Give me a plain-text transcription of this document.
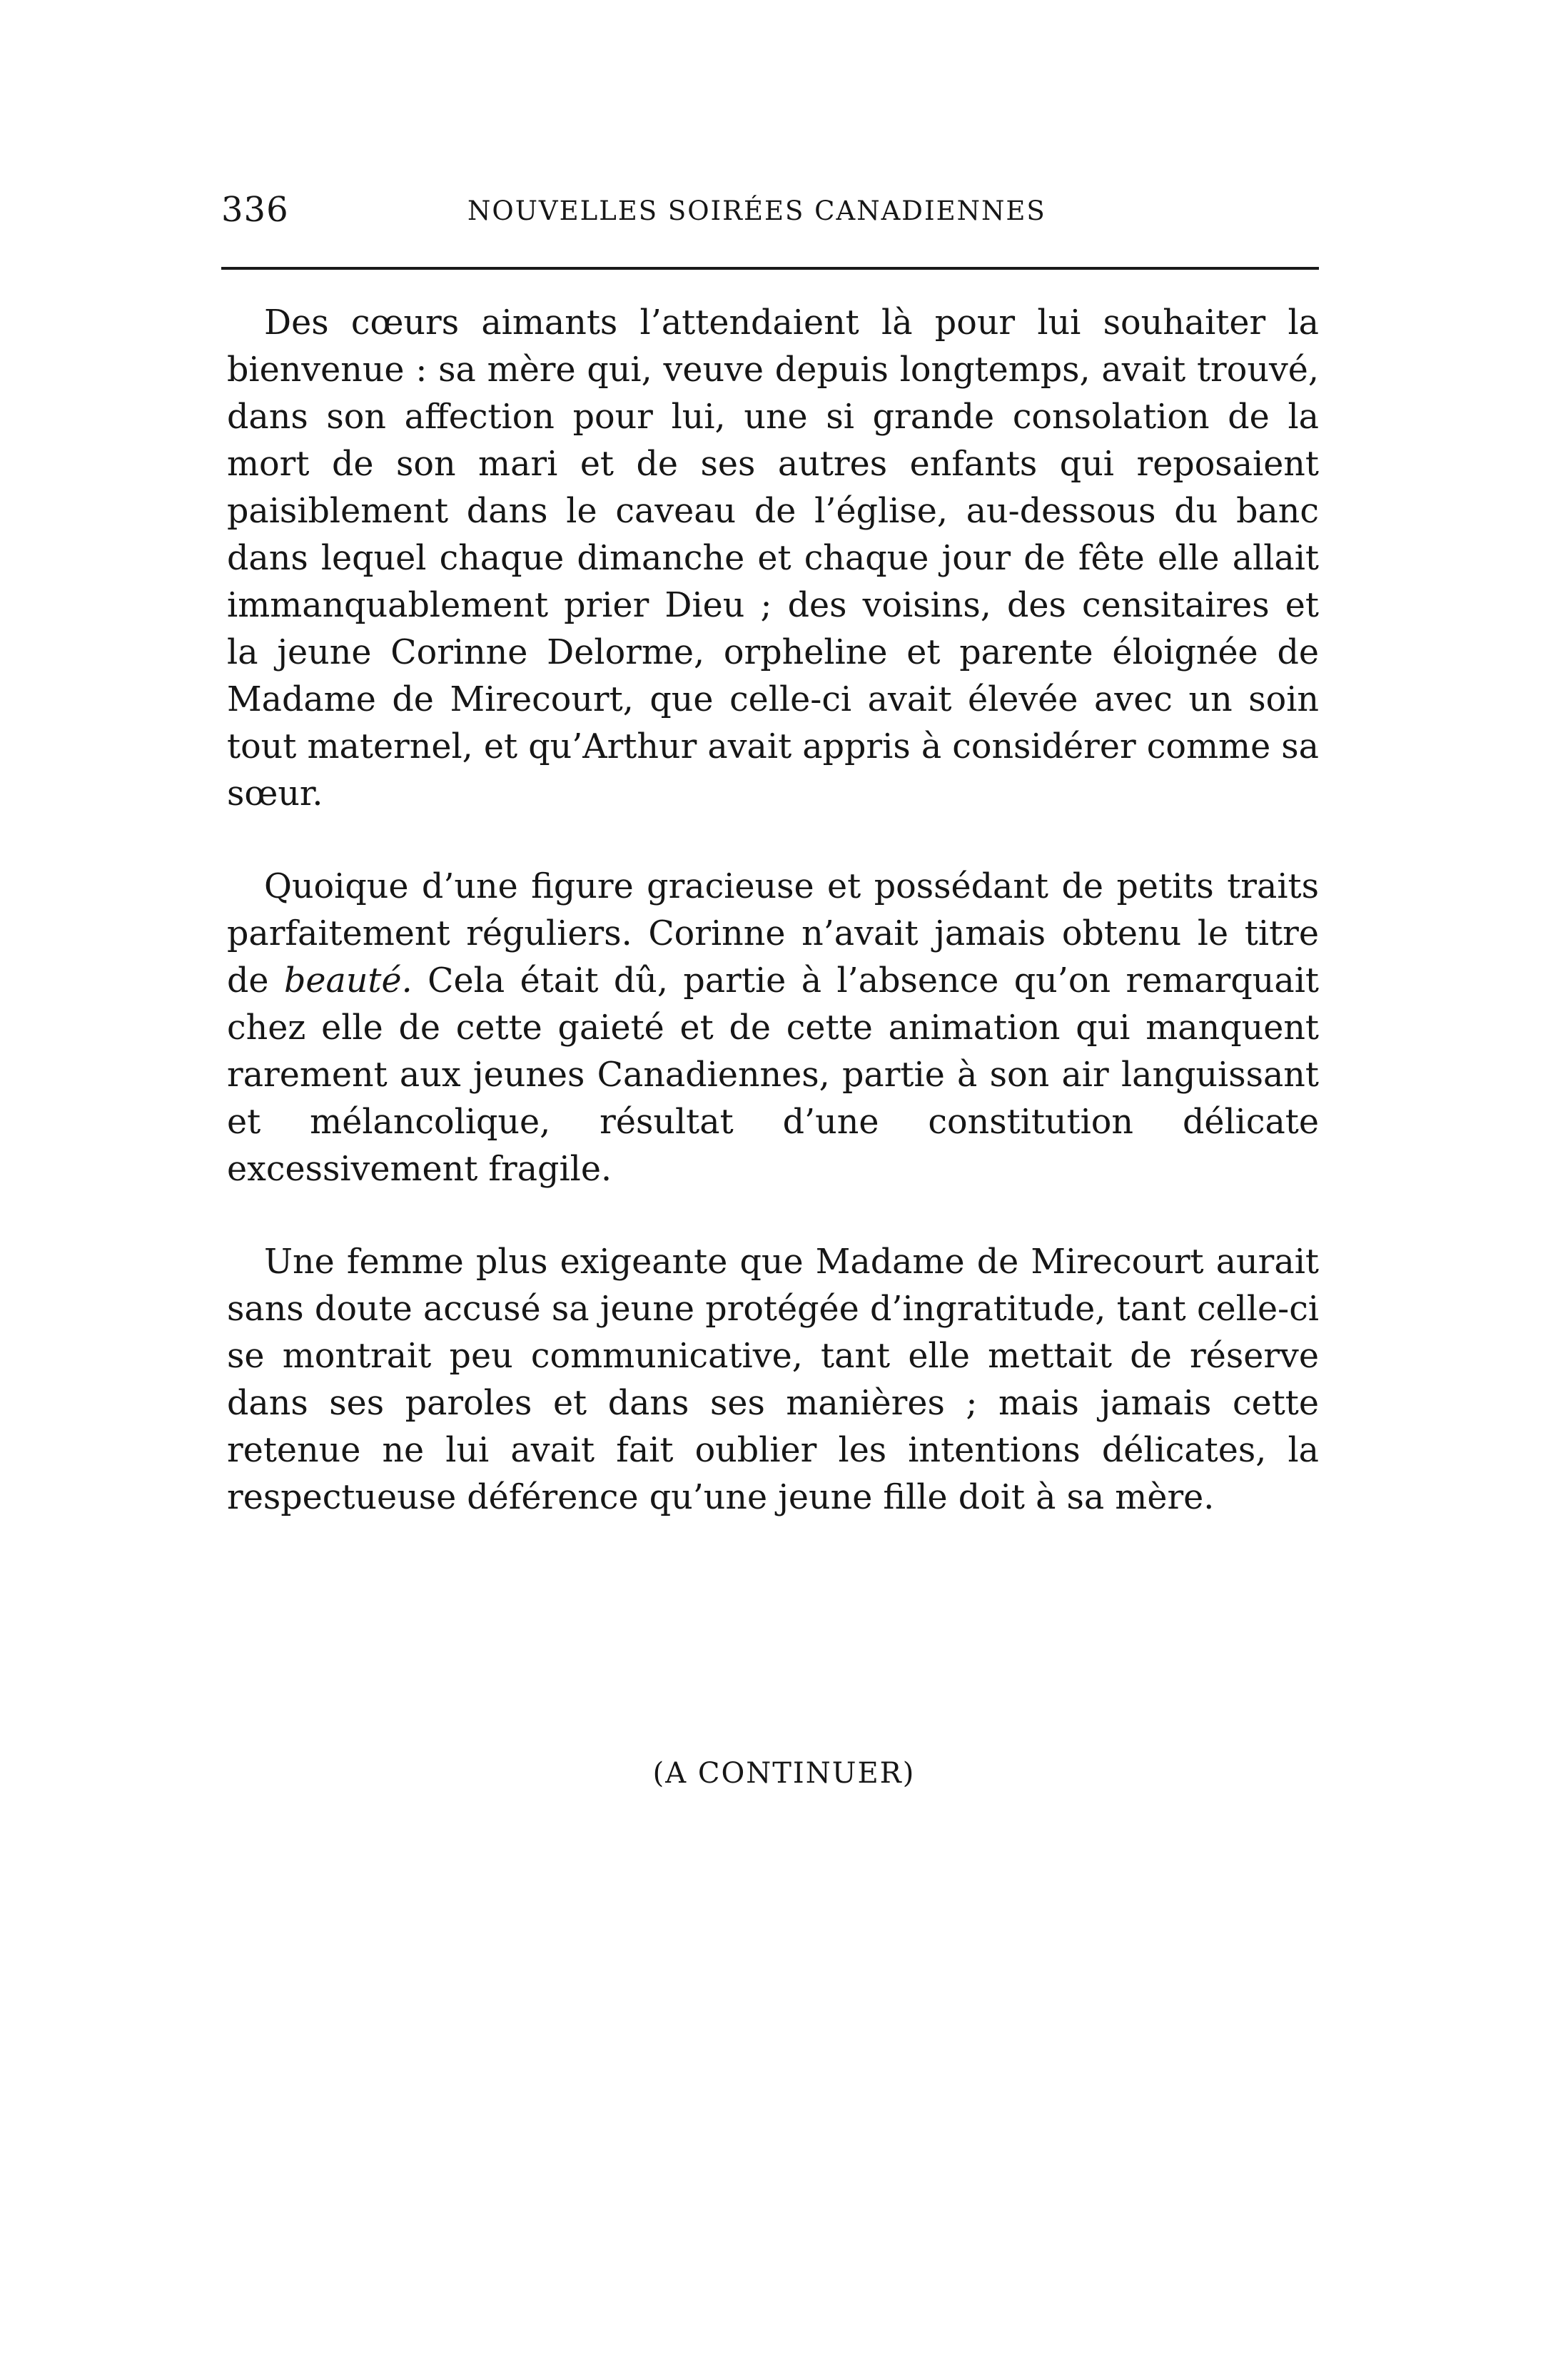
336	NOUVELLES SOIRÉES CANADIENNES

Des cœurs aimants l’attendaient là pour lui souhaiter la bienvenue : sa mère qui, veuve depuis longtemps, avait trouvé, dans son affection pour lui, une si grande consolation de la mort de son mari et de ses autres enfants qui reposaient paisiblement dans le caveau de l’église, au-dessous du banc dans lequel chaque dimanche et chaque jour de fête elle allait immanquablement prier Dieu ; des voisins, des censitaires et la jeune Corinne Delorme, orpheline et parente éloignée de Madame de Mirecourt, que celle-ci avait élevée avec un soin tout maternel, et qu’Arthur avait appris à considérer comme sa sœur.

Quoique d’une figure gracieuse et possédant de petits traits parfaitement réguliers. Corinne n’avait jamais obtenu le titre de beauté. Cela était dû, partie à l’absence qu’on remarquait chez elle de cette gaieté et de cette animation qui manquent rarement aux jeunes Canadiennes, partie à son air languissant et mélancolique, résultat d’une constitution délicate excessivement fragile.

Une femme plus exigeante que Madame de Mirecourt aurait sans doute accusé sa jeune protégée d’ingratitude, tant celle-ci se montrait peu communicative, tant elle mettait de réserve dans ses paroles et dans ses manières ; mais jamais cette retenue ne lui avait fait oublier les intentions délicates, la respectueuse déférence qu’une jeune fille doit à sa mère.

(A CONTINUER)
